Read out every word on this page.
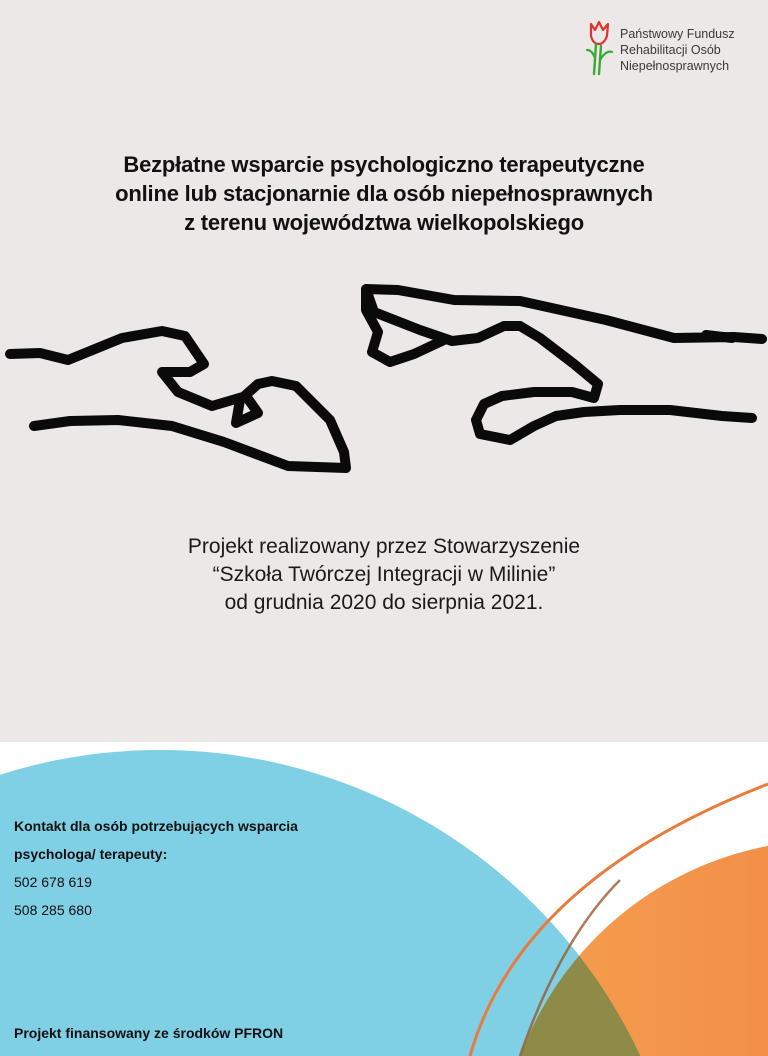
Państwowy Fundusz
Rehabilitacji Osób
Niepełnosprawnych
Bezpłatne wsparcie psychologiczno terapeutyczne
online lub stacjonarnie dla osób niepełnosprawnych
z terenu województwa wielkopolskiego
Projekt realizowany przez Stowarzyszenie
“Szkoła Twórczej Integracji w Milinie”
od grudnia 2020 do sierpnia 2021.
Kontakt dla osób potrzebujących wsparcia
psychologa/ terapeuty:
502 678 619
508 285 680
Projekt finansowany ze środków PFRON
